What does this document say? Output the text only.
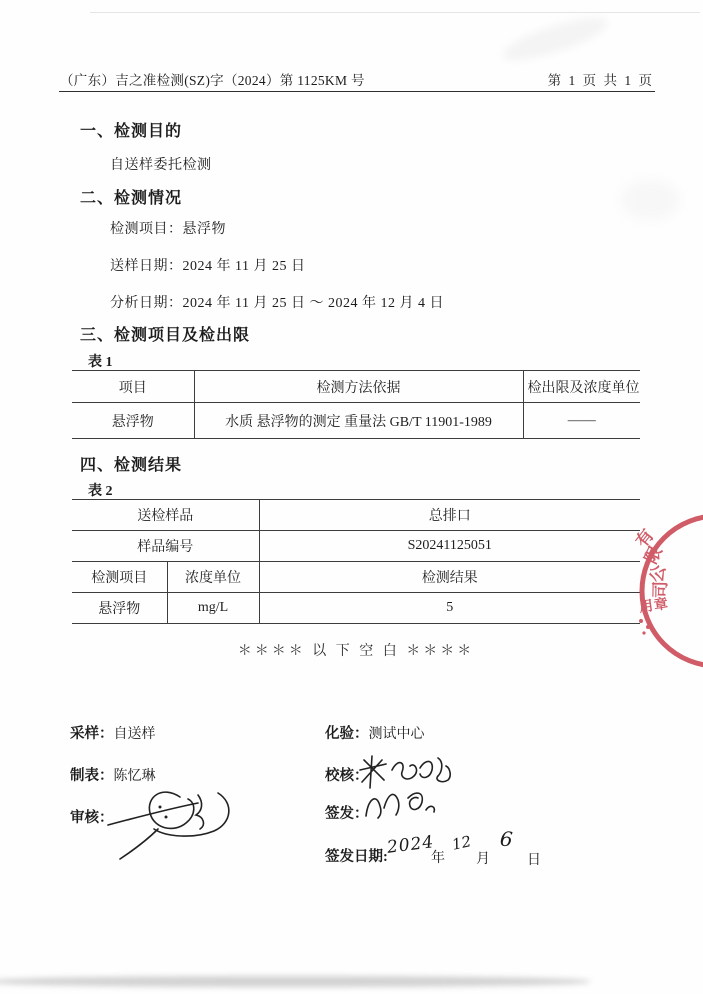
（广东）吉之准检测(SZ)字（2024）第 1125KM 号	第 1 页 共 1 页
一、检测目的
自送样委托检测
二、检测情况
检测项目：悬浮物
送样日期：2024 年 11 月 25 日
分析日期：2024 年 11 月 25 日 ～ 2024 年 12 月 4 日
三、检测项目及检出限
表 1
项目	检测方法依据	检出限及浓度单位
悬浮物	水质 悬浮物的测定 重量法 GB/T 11901-1989	——
四、检测结果
表 2
送检样品		总排口
样品编号		S20241125051
检测项目	浓度单位	检测结果
悬浮物	mg/L	5
＊＊＊＊ 以 下 空 白 ＊＊＊＊
有
限
公
司
用章
采样：自送样	化验：测试中心
制表：陈忆琳	校核：
审核：	签发：
签发日期:
2024
年
12
月
6
日
